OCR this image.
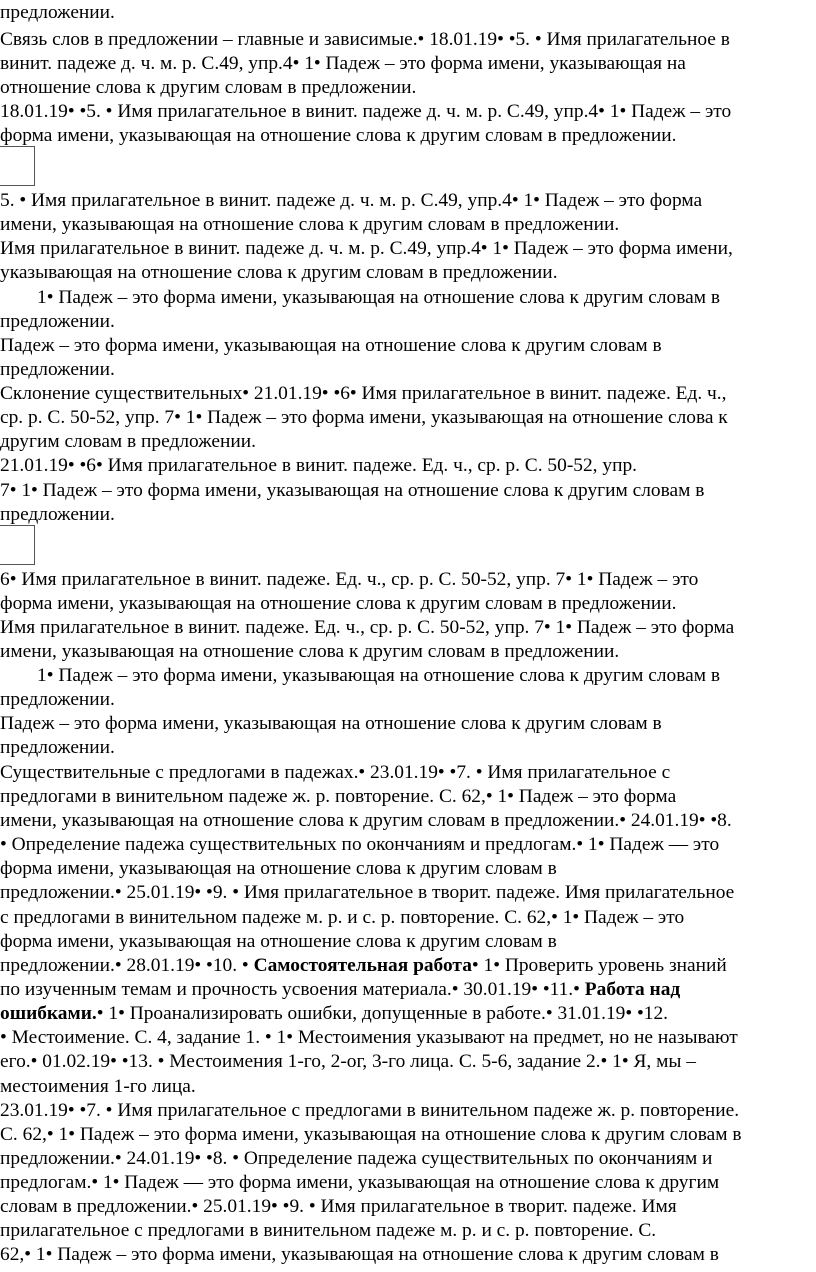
предложении.
Связь слов в предложении – главные и зависимые.• 18.01.19• •5. • Имя прилагательное в
винит. падеже д. ч. м. р. С.49, упр.4• 1• Падеж – это форма имени, указывающая на
отношение слова к другим словам в предложении.
18.01.19• •5. • Имя прилагательное в винит. падеже д. ч. м. р. С.49, упр.4• 1• Падеж – это
форма имени, указывающая на отношение слова к другим словам в предложении.
5. • Имя прилагательное в винит. падеже д. ч. м. р. С.49, упр.4• 1• Падеж – это форма
имени, указывающая на отношение слова к другим словам в предложении.
Имя прилагательное в винит. падеже д. ч. м. р. С.49, упр.4• 1• Падеж – это форма имени,
указывающая на отношение слова к другим словам в предложении.
1• Падеж – это форма имени, указывающая на отношение слова к другим словам в
предложении.
Падеж – это форма имени, указывающая на отношение слова к другим словам в
предложении.
Склонение существительных• 21.01.19• •6• Имя прилагательное в винит. падеже. Ед. ч.,
ср. р. С. 50-52, упр. 7• 1• Падеж – это форма имени, указывающая на отношение слова к
другим словам в предложении.
21.01.19• •6• Имя прилагательное в винит. падеже. Ед. ч., ср. р. С. 50-52, упр.
7• 1• Падеж – это форма имени, указывающая на отношение слова к другим словам в
предложении.
6• Имя прилагательное в винит. падеже. Ед. ч., ср. р. С. 50-52, упр. 7• 1• Падеж – это
форма имени, указывающая на отношение слова к другим словам в предложении.
Имя прилагательное в винит. падеже. Ед. ч., ср. р. С. 50-52, упр. 7• 1• Падеж – это форма
имени, указывающая на отношение слова к другим словам в предложении.
1• Падеж – это форма имени, указывающая на отношение слова к другим словам в
предложении.
Падеж – это форма имени, указывающая на отношение слова к другим словам в
предложении.
Существительные с предлогами в падежах.• 23.01.19• •7. • Имя прилагательное с
предлогами в винительном падеже ж. р. повторение. С. 62,• 1• Падеж – это форма
имени, указывающая на отношение слова к другим словам в предложении.• 24.01.19• •8.
• Определение падежа существительных по окончаниям и предлогам.• 1• Падеж — это
форма имени, указывающая на отношение слова к другим словам в
предложении.• 25.01.19• •9. • Имя прилагательное в творит. падеже. Имя прилагательное
с предлогами в винительном падеже м. р. и с. р. повторение. С. 62,• 1• Падеж – это
форма имени, указывающая на отношение слова к другим словам в
предложении.• 28.01.19• •10. • Самостоятельная работа• 1• Проверить уровень знаний
по изученным темам и прочность усвоения материала.• 30.01.19• •11.• Работа над
ошибками.• 1• Проанализировать ошибки, допущенные в работе.• 31.01.19• •12.
• Местоимение. С. 4, задание 1. • 1• Местоимения указывают на предмет, но не называют
его.• 01.02.19• •13. • Местоимения 1-го, 2-ог, 3-го лица. С. 5-6, задание 2.• 1• Я, мы –
местоимения 1-го лица.
23.01.19• •7. • Имя прилагательное с предлогами в винительном падеже ж. р. повторение.
С. 62,• 1• Падеж – это форма имени, указывающая на отношение слова к другим словам в
предложении.• 24.01.19• •8. • Определение падежа существительных по окончаниям и
предлогам.• 1• Падеж — это форма имени, указывающая на отношение слова к другим
словам в предложении.• 25.01.19• •9. • Имя прилагательное в творит. падеже. Имя
прилагательное с предлогами в винительном падеже м. р. и с. р. повторение. С.
62,• 1• Падеж – это форма имени, указывающая на отношение слова к другим словам в
